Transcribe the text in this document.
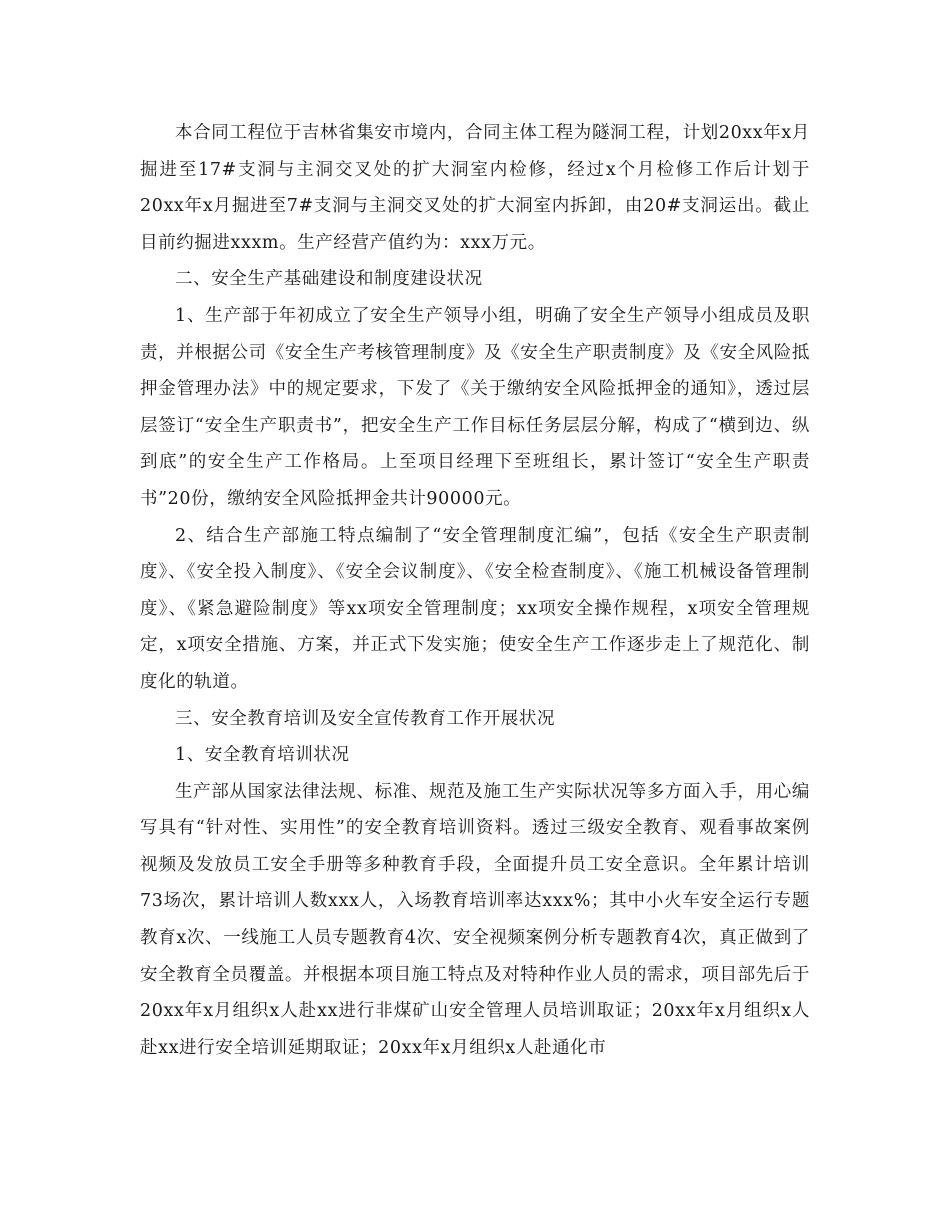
本合同工程位于吉林省集安市境内，合同主体工程为隧洞工程，计划20xx年x月掘进至17#支洞与主洞交叉处的扩大洞室内检修，经过x个月检修工作后计划于20xx年x月掘进至7#支洞与主洞交叉处的扩大洞室内拆卸，由20#支洞运出。截止目前约掘进xxxm。生产经营产值约为：xxx万元。

二、安全生产基础建设和制度建设状况

1、生产部于年初成立了安全生产领导小组，明确了安全生产领导小组成员及职责，并根据公司《安全生产考核管理制度》及《安全生产职责制度》及《安全风险抵押金管理办法》中的规定要求，下发了《关于缴纳安全风险抵押金的通知》，透过层层签订“安全生产职责书”，把安全生产工作目标任务层层分解，构成了“横到边、纵到底”的安全生产工作格局。上至项目经理下至班组长，累计签订“安全生产职责书”20份，缴纳安全风险抵押金共计90000元。

2、结合生产部施工特点编制了“安全管理制度汇编”，包括《安全生产职责制度》、《安全投入制度》、《安全会议制度》、《安全检查制度》、《施工机械设备管理制度》、《紧急避险制度》等xx项安全管理制度；xx项安全操作规程，x项安全管理规定，x项安全措施、方案，并正式下发实施；使安全生产工作逐步走上了规范化、制度化的轨道。

三、安全教育培训及安全宣传教育工作开展状况

1、安全教育培训状况

生产部从国家法律法规、标准、规范及施工生产实际状况等多方面入手，用心编写具有“针对性、实用性”的安全教育培训资料。透过三级安全教育、观看事故案例视频及发放员工安全手册等多种教育手段，全面提升员工安全意识。全年累计培训73场次，累计培训人数xxx人，入场教育培训率达xxx%；其中小火车安全运行专题教育x次、一线施工人员专题教育4次、安全视频案例分析专题教育4次，真正做到了安全教育全员覆盖。并根据本项目施工特点及对特种作业人员的需求，项目部先后于20xx年x月组织x人赴xx进行非煤矿山安全管理人员培训取证；20xx年x月组织x人赴xx进行安全培训延期取证；20xx年x月组织x人赴通化市
